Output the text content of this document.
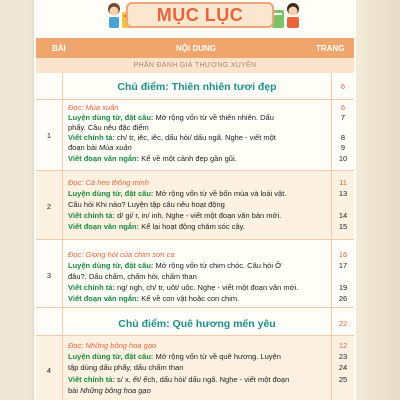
MỤC LỤC
BÀI	NỘI DUNG	TRANG
PHẦN ĐÁNH GIÁ THƯỜNG XUYÊN
Chủ điểm: Thiên nhiên tươi đẹp	6
1
Đọc: Mùa xuân	6
Luyện dùng từ, đặt câu: Mở rộng vốn từ về thiên nhiên. Dấu	7
phẩy. Câu nêu đặc điểm
Viết chính tả: ch/ tr, iêc, iêc, dấu hỏi/ dấu ngã. Nghe - viết một	8
đoạn bài Mùa xuân	9
Viết đoạn văn ngắn: Kể về một cảnh đẹp gần gũi.	10
2
Đọc: Cá heo thông minh	11
Luyện dùng từ, đặt câu: Mở rộng vốn từ về bốn mùa và loài vật.	13
Câu hỏi Khi nào? Luyện tập câu nêu hoạt động
Viết chính tả: d/ gi/ r, in/ inh. Nghe - viết một đoạn văn bản mới.	14
Viết đoạn văn ngắn: Kể lại hoạt động chăm sóc cây.	15
3
Đọc: Giọng hót của chim sơn ca	16
Luyện dùng từ, đặt câu: Mở rộng vốn từ chim chóc. Câu hỏi Ở	17
đâu?. Dấu chấm, chấm hỏi, chấm than
Viết chính tả: ng/ ngh, ch/ tr, uôt/ uôc. Nghe - viết một đoạn văn mới.	19
Viết đoạn văn ngắn: Kể về con vật hoặc con chim.	26
Chủ điểm: Quê hương mến yêu	22
4
Đọc: Những bông hoa gạo	12
Luyện dùng từ, đặt câu: Mở rộng vốn từ về quê hương. Luyện	23
tập dùng dấu phẩy, dấu chấm than	24
Viết chính tả: s/ x, ết/ ếch, dấu hỏi/ dấu ngã. Nghe - viết một đoạn	25
bài Những bông hoa gạo
